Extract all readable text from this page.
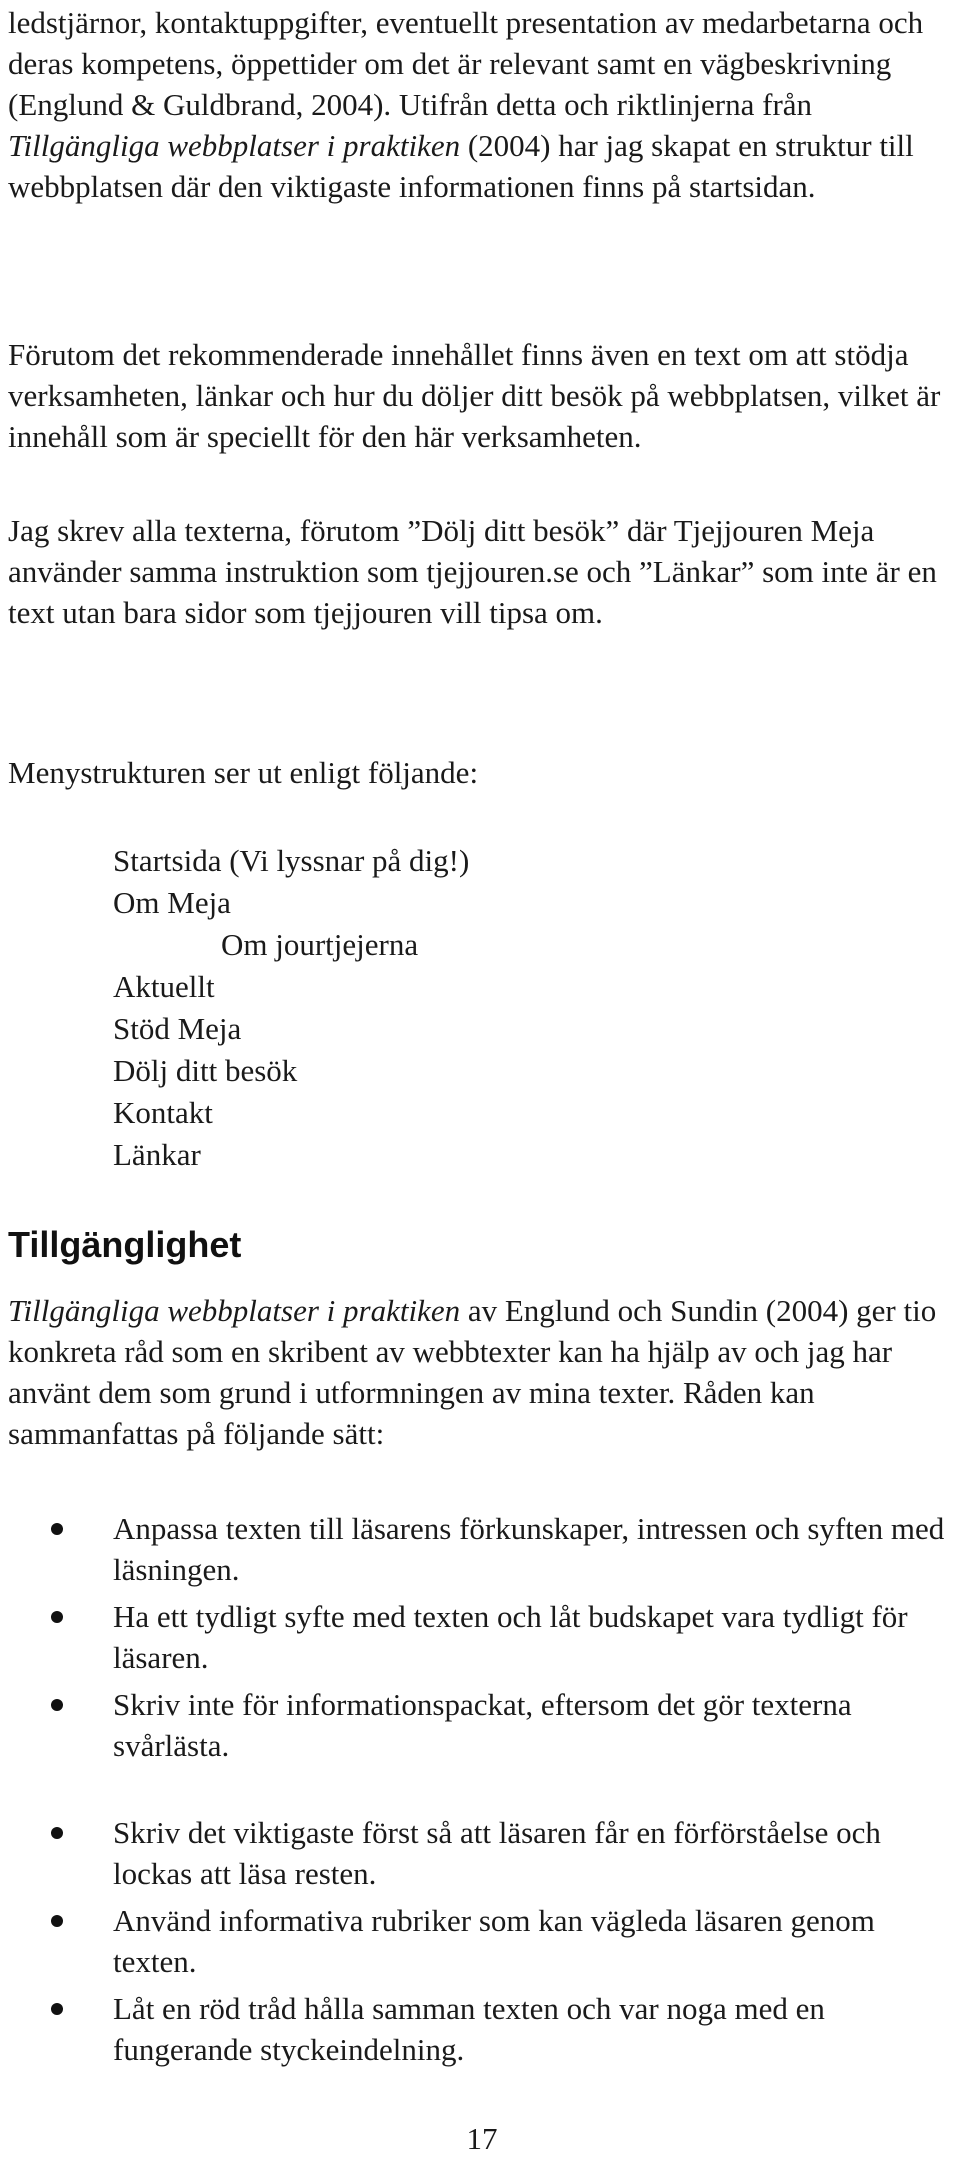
ledstjärnor, kontaktuppgifter, eventuellt presentation av medarbetarna och deras kompetens, öppettider om det är relevant samt en vägbeskrivning (Englund & Guldbrand, 2004). Utifrån detta och riktlinjerna från Tillgängliga webbplatser i praktiken (2004) har jag skapat en struktur till webbplatsen där den viktigaste informationen finns på startsidan.

Förutom det rekommenderade innehållet finns även en text om att stödja verksamheten, länkar och hur du döljer ditt besök på webbplatsen, vilket är innehåll som är speciellt för den här verksamheten.

Jag skrev alla texterna, förutom ”Dölj ditt besök” där Tjejjouren Meja använder samma instruktion som tjejjouren.se och ”Länkar” som inte är en text utan bara sidor som tjejjouren vill tipsa om.

Menystrukturen ser ut enligt följande:

Startsida (Vi lyssnar på dig!)
Om Meja
Om jourtjejerna
Aktuellt
Stöd Meja
Dölj ditt besök
Kontakt
Länkar
Tillgänglighet

Tillgängliga webbplatser i praktiken av Englund och Sundin (2004) ger tio konkreta råd som en skribent av webbtexter kan ha hjälp av och jag har använt dem som grund i utformningen av mina texter. Råden kan sammanfattas på följande sätt:

Anpassa texten till läsarens förkunskaper, intressen och syften med läsningen.
Ha ett tydligt syfte med texten och låt budskapet vara tydligt för läsaren.
Skriv inte för informationspackat, eftersom det gör texterna svårlästa.
Skriv det viktigaste först så att läsaren får en förförståelse och lockas att läsa resten.
Använd informativa rubriker som kan vägleda läsaren genom texten.
Låt en röd tråd hålla samman texten och var noga med en fungerande styckeindelning.
17
